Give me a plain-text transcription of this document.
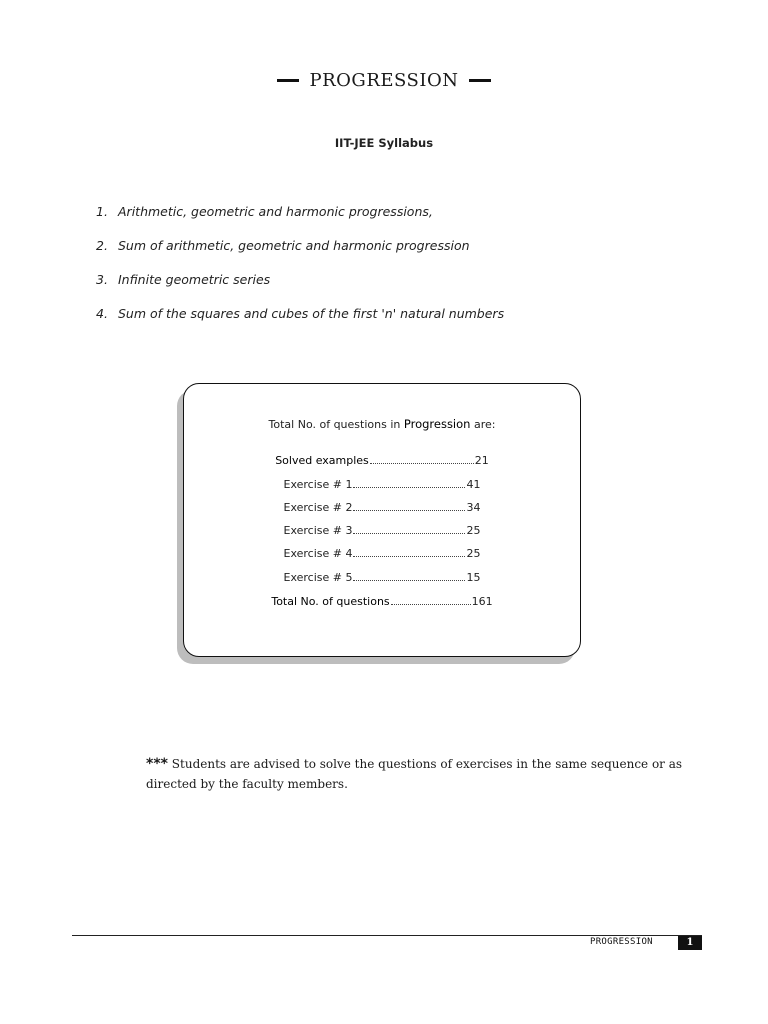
PROGRESSION
IIT-JEE Syllabus
1. Arithmetic, geometric and harmonic progressions,
2. Sum of arithmetic, geometric and harmonic progression
3. Infinite geometric series
4. Sum of the squares and cubes of the first 'n' natural numbers
Total No. of questions in Progression are:
Solved examples	21
Exercise # 1	41
Exercise # 2	34
Exercise # 3	25
Exercise # 4	25
Exercise # 5	15
Total No. of questions	161
*** Students are advised to solve the questions of exercises in the same sequence or as directed by the faculty members.
PROGRESSION	1
